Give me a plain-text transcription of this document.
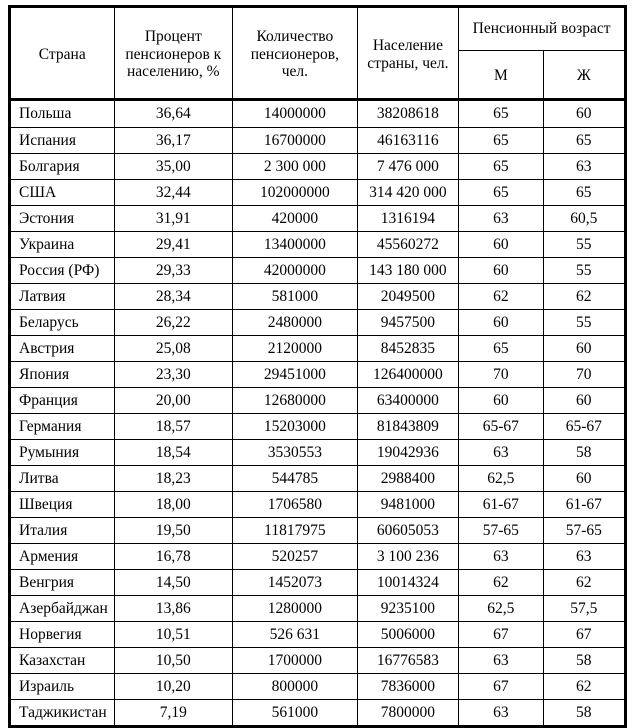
Страна	Процент пенсионеров к населению, %	Количество пенсионеров, чел.	Население страны, чел.	Пенсионный возраст	
				М	Ж
Польша	36,64	14000000	38208618	65	60
Испания	36,17	16700000	46163116	65	65
Болгария	35,00	2 300 000	7 476 000	65	63
США	32,44	102000000	314 420 000	65	65
Эстония	31,91	420000	1316194	63	60,5
Украина	29,41	13400000	45560272	60	55
Россия (РФ)	29,33	42000000	143 180 000	60	55
Латвия	28,34	581000	2049500	62	62
Беларусь	26,22	2480000	9457500	60	55
Австрия	25,08	2120000	8452835	65	60
Япония	23,30	29451000	126400000	70	70
Франция	20,00	12680000	63400000	60	60
Германия	18,57	15203000	81843809	65-67	65-67
Румыния	18,54	3530553	19042936	63	58
Литва	18,23	544785	2988400	62,5	60
Швеция	18,00	1706580	9481000	61-67	61-67
Италия	19,50	11817975	60605053	57-65	57-65
Армения	16,78	520257	3 100 236	63	63
Венгрия	14,50	1452073	10014324	62	62
Азербайджан	13,86	1280000	9235100	62,5	57,5
Норвегия	10,51	526 631	5006000	67	67
Казахстан	10,50	1700000	16776583	63	58
Израиль	10,20	800000	7836000	67	62
Таджикистан	7,19	561000	7800000	63	58
